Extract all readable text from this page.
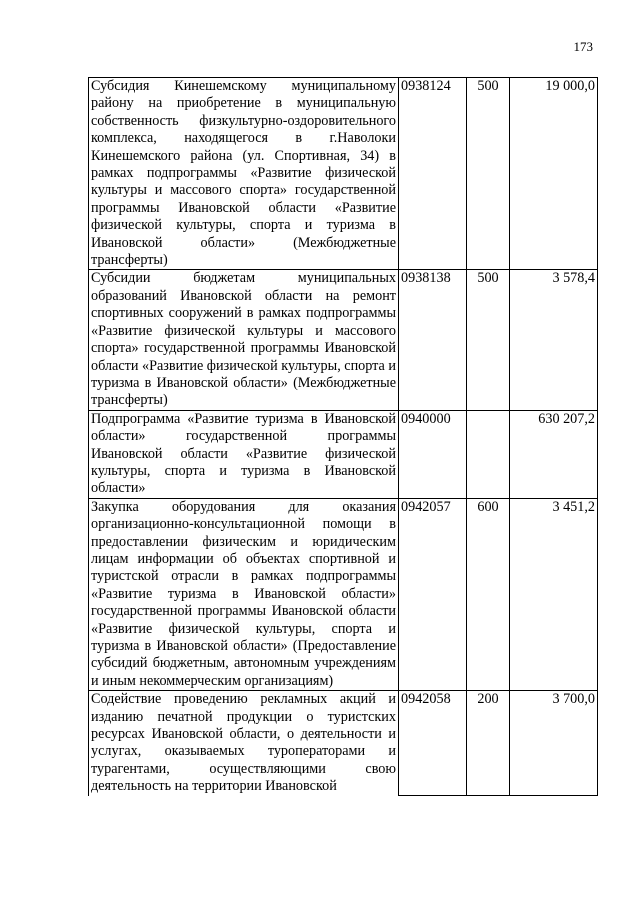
173
Субсидия Кинешемскому муниципальному району на приобретение в муниципальную собственность физкультурно-оздоровительного комплекса, находящегося в г.Наволоки Кинешемского района (ул. Спортивная, 34) в рамках подпрограммы «Развитие физической культуры и массового спорта» государственной программы Ивановской области «Развитие физической культуры, спорта и туризма в Ивановской области» (Межбюджетные трансферты)	0938124	500	19 000,0
Субсидии бюджетам муниципальных образований Ивановской области на ремонт спортивных сооружений в рамках подпрограммы «Развитие физической культуры и массового спорта» государственной программы Ивановской области «Развитие физической культуры, спорта и туризма в Ивановской области» (Межбюджетные трансферты)	0938138	500	3 578,4
Подпрограмма «Развитие туризма в Ивановской области» государственной программы Ивановской области «Развитие физической культуры, спорта и туризма в Ивановской области»	0940000		630 207,2
Закупка оборудования для оказания организационно-консультационной помощи в предоставлении физическим и юридическим лицам информации об объектах спортивной и туристской отрасли в рамках подпрограммы «Развитие туризма в Ивановской области» государственной программы Ивановской области «Развитие физической культуры, спорта и туризма в Ивановской области» (Предоставление субсидий бюджетным, автономным учреждениям и иным некоммерческим организациям)	0942057	600	3 451,2
Содействие проведению рекламных акций и изданию печатной продукции о туристских ресурсах Ивановской области, о деятельности и услугах, оказываемых туроператорами и турагентами, осуществляющими свою деятельность на территории Ивановской	0942058	200	3 700,0
